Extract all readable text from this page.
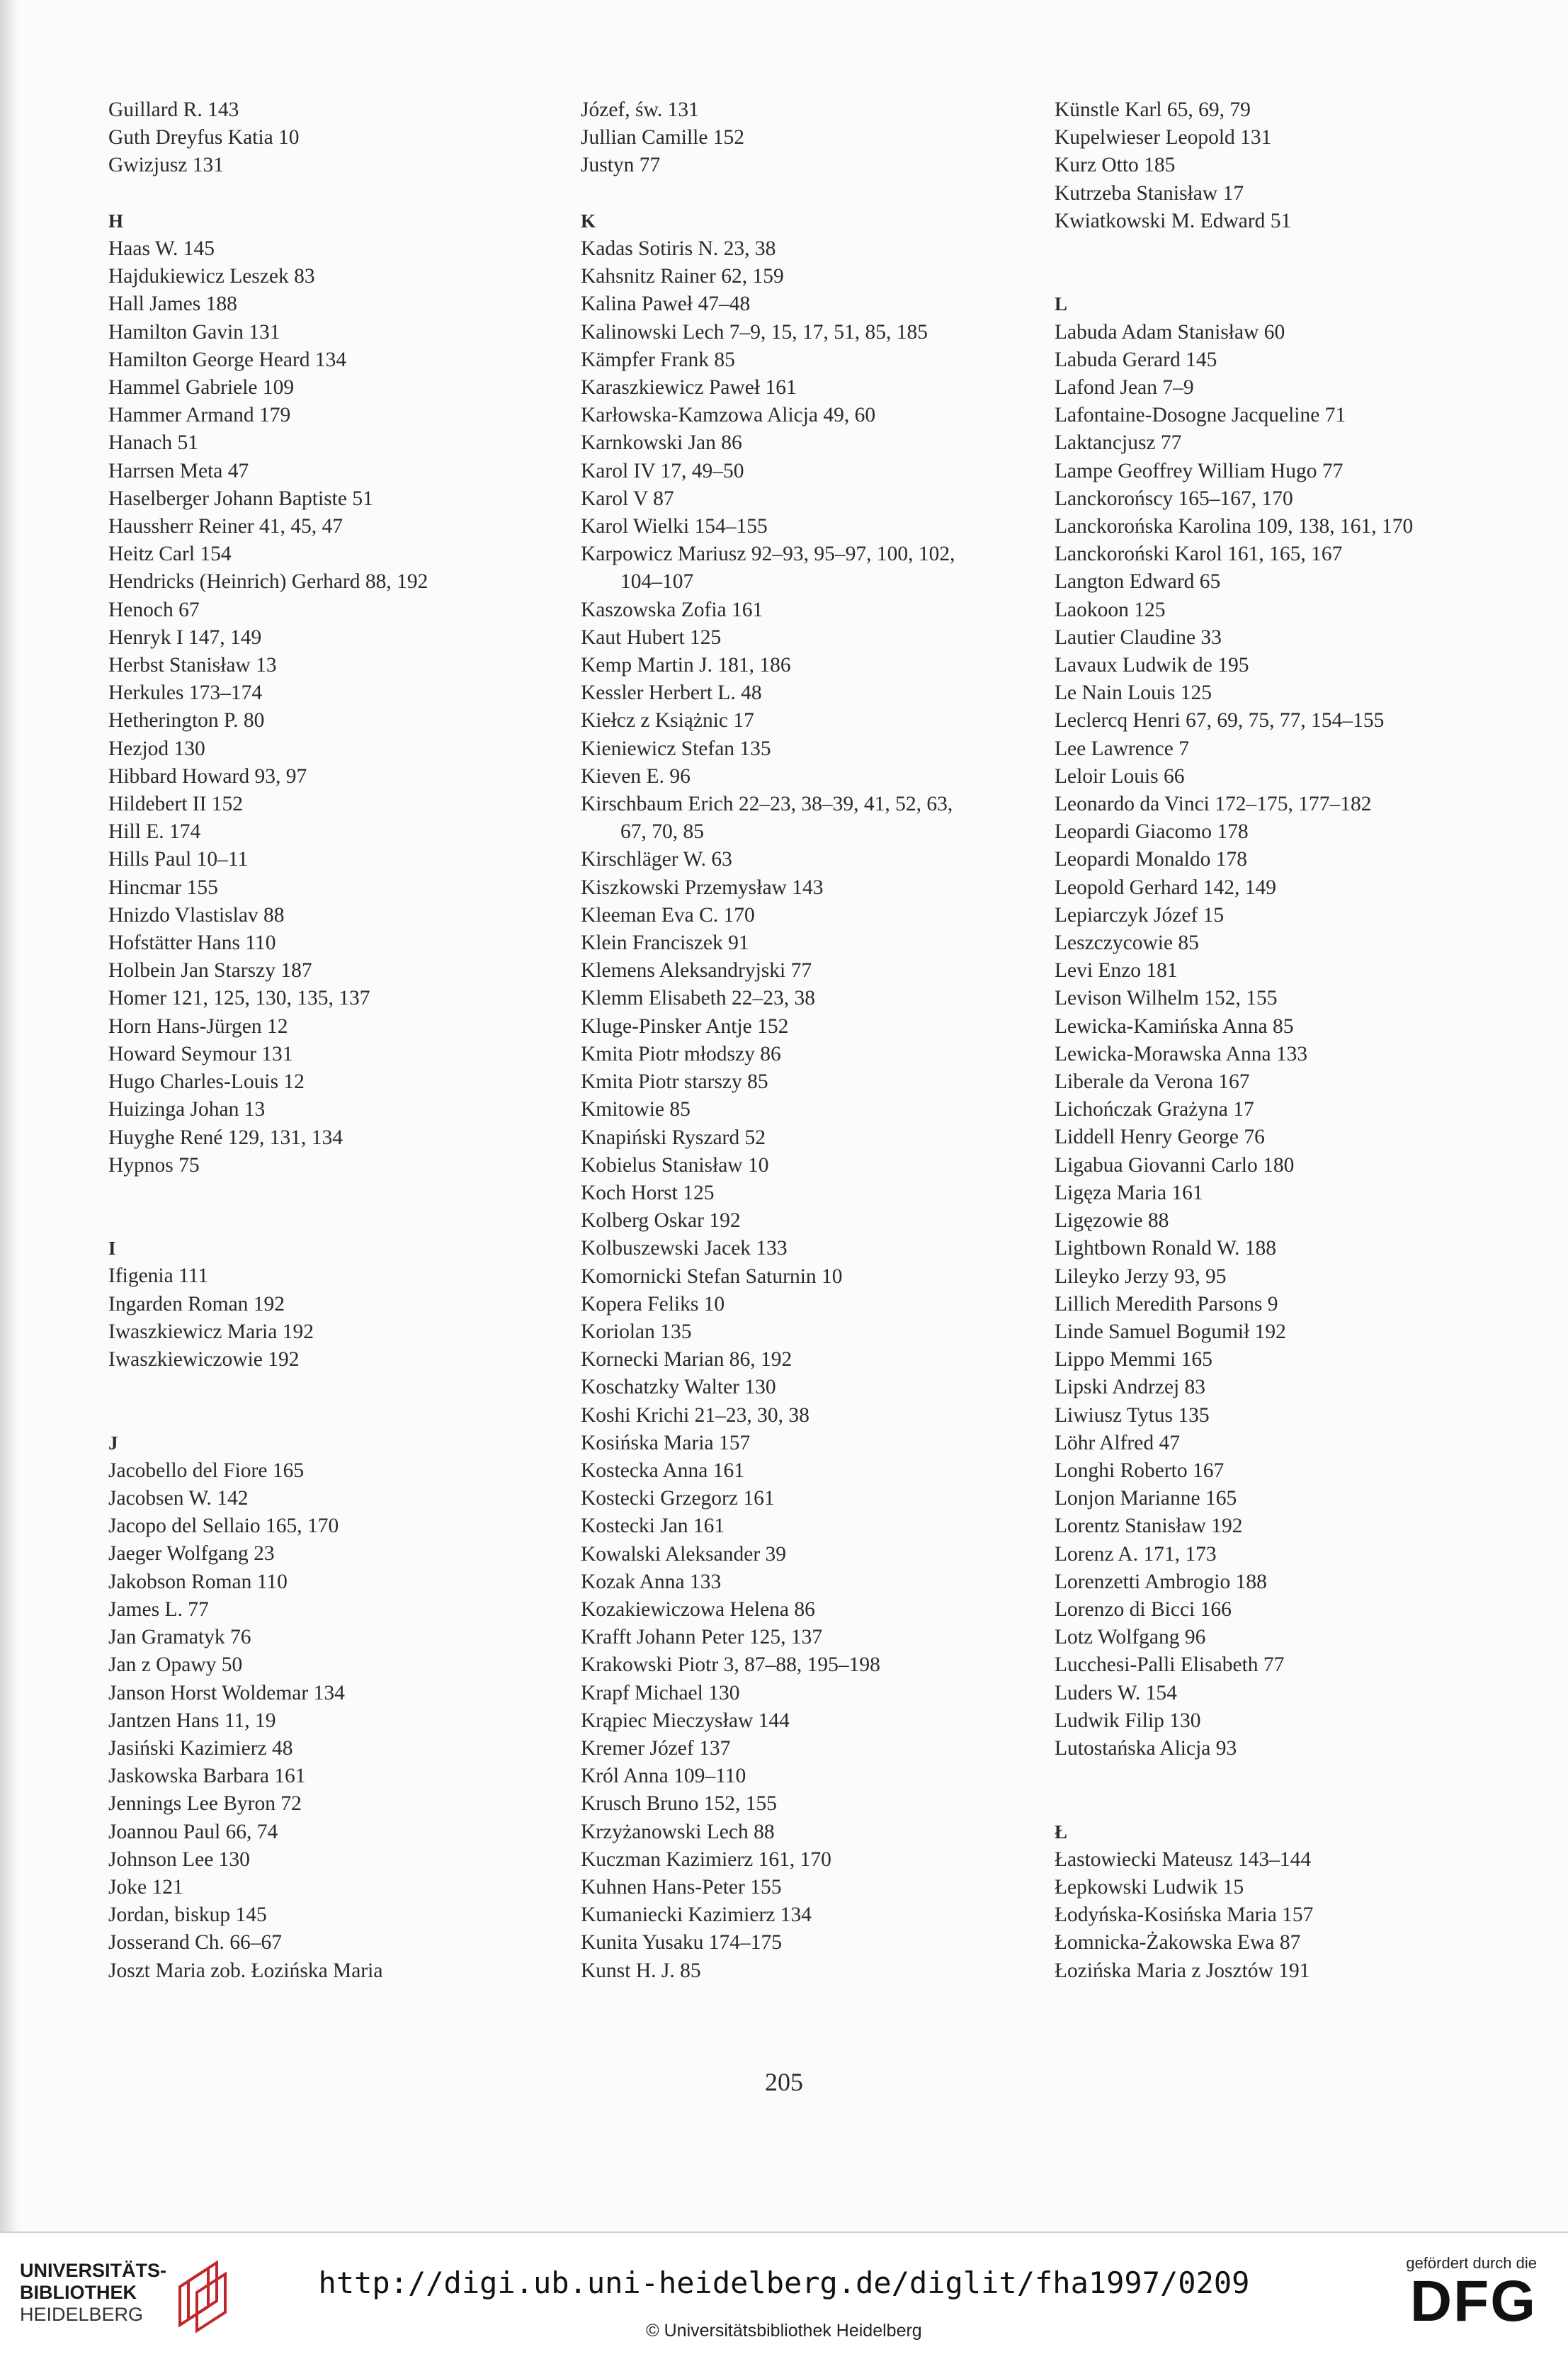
Guillard R. 143
Guth Dreyfus Katia 10
Gwizjusz 131
H
Haas W. 145
Hajdukiewicz Leszek 83
Hall James 188
Hamilton Gavin 131
Hamilton George Heard 134
Hammel Gabriele 109
Hammer Armand 179
Hanach 51
Harrsen Meta 47
Haselberger Johann Baptiste 51
Haussherr Reiner 41, 45, 47
Heitz Carl 154
Hendricks (Heinrich) Gerhard 88, 192
Henoch 67
Henryk I 147, 149
Herbst Stanisław 13
Herkules 173–174
Hetherington P. 80
Hezjod 130
Hibbard Howard 93, 97
Hildebert II 152
Hill E. 174
Hills Paul 10–11
Hincmar 155
Hnizdo Vlastislav 88
Hofstätter Hans 110
Holbein Jan Starszy 187
Homer 121, 125, 130, 135, 137
Horn Hans-Jürgen 12
Howard Seymour 131
Hugo Charles-Louis 12
Huizinga Johan 13
Huyghe René 129, 131, 134
Hypnos 75
I
Ifigenia 111
Ingarden Roman 192
Iwaszkiewicz Maria 192
Iwaszkiewiczowie 192
J
Jacobello del Fiore 165
Jacobsen W. 142
Jacopo del Sellaio 165, 170
Jaeger Wolfgang 23
Jakobson Roman 110
James L. 77
Jan Gramatyk 76
Jan z Opawy 50
Janson Horst Woldemar 134
Jantzen Hans 11, 19
Jasiński Kazimierz 48
Jaskowska Barbara 161
Jennings Lee Byron 72
Joannou Paul 66, 74
Johnson Lee 130
Joke 121
Jordan, biskup 145
Josserand Ch. 66–67
Joszt Maria zob. Łozińska Maria
Józef, św. 131
Jullian Camille 152
Justyn 77
K
Kadas Sotiris N. 23, 38
Kahsnitz Rainer 62, 159
Kalina Paweł 47–48
Kalinowski Lech 7–9, 15, 17, 51, 85, 185
Kämpfer Frank 85
Karaszkiewicz Paweł 161
Karłowska-Kamzowa Alicja 49, 60
Karnkowski Jan 86
Karol IV 17, 49–50
Karol V 87
Karol Wielki 154–155
Karpowicz Mariusz 92–93, 95–97, 100, 102,
104–107
Kaszowska Zofia 161
Kaut Hubert 125
Kemp Martin J. 181, 186
Kessler Herbert L. 48
Kiełcz z Książnic 17
Kieniewicz Stefan 135
Kieven E. 96
Kirschbaum Erich 22–23, 38–39, 41, 52, 63,
67, 70, 85
Kirschläger W. 63
Kiszkowski Przemysław 143
Kleeman Eva C. 170
Klein Franciszek 91
Klemens Aleksandryjski 77
Klemm Elisabeth 22–23, 38
Kluge-Pinsker Antje 152
Kmita Piotr młodszy 86
Kmita Piotr starszy 85
Kmitowie 85
Knapiński Ryszard 52
Kobielus Stanisław 10
Koch Horst 125
Kolberg Oskar 192
Kolbuszewski Jacek 133
Komornicki Stefan Saturnin 10
Kopera Feliks 10
Koriolan 135
Kornecki Marian 86, 192
Koschatzky Walter 130
Koshi Krichi 21–23, 30, 38
Kosińska Maria 157
Kostecka Anna 161
Kostecki Grzegorz 161
Kostecki Jan 161
Kowalski Aleksander 39
Kozak Anna 133
Kozakiewiczowa Helena 86
Krafft Johann Peter 125, 137
Krakowski Piotr 3, 87–88, 195–198
Krapf Michael 130
Krąpiec Mieczysław 144
Kremer Józef 137
Król Anna 109–110
Krusch Bruno 152, 155
Krzyżanowski Lech 88
Kuczman Kazimierz 161, 170
Kuhnen Hans-Peter 155
Kumaniecki Kazimierz 134
Kunita Yusaku 174–175
Kunst H. J. 85
Künstle Karl 65, 69, 79
Kupelwieser Leopold 131
Kurz Otto 185
Kutrzeba Stanisław 17
Kwiatkowski M. Edward 51
L
Labuda Adam Stanisław 60
Labuda Gerard 145
Lafond Jean 7–9
Lafontaine-Dosogne Jacqueline 71
Laktancjusz 77
Lampe Geoffrey William Hugo 77
Lanckorońscy 165–167, 170
Lanckorońska Karolina 109, 138, 161, 170
Lanckoroński Karol 161, 165, 167
Langton Edward 65
Laokoon 125
Lautier Claudine 33
Lavaux Ludwik de 195
Le Nain Louis 125
Leclercq Henri 67, 69, 75, 77, 154–155
Lee Lawrence 7
Leloir Louis 66
Leonardo da Vinci 172–175, 177–182
Leopardi Giacomo 178
Leopardi Monaldo 178
Leopold Gerhard 142, 149
Lepiarczyk Józef 15
Leszczycowie 85
Levi Enzo 181
Levison Wilhelm 152, 155
Lewicka-Kamińska Anna 85
Lewicka-Morawska Anna 133
Liberale da Verona 167
Lichończak Grażyna 17
Liddell Henry George 76
Ligabua Giovanni Carlo 180
Ligęza Maria 161
Ligęzowie 88
Lightbown Ronald W. 188
Lileyko Jerzy 93, 95
Lillich Meredith Parsons 9
Linde Samuel Bogumił 192
Lippo Memmi 165
Lipski Andrzej 83
Liwiusz Tytus 135
Löhr Alfred 47
Longhi Roberto 167
Lonjon Marianne 165
Lorentz Stanisław 192
Lorenz A. 171, 173
Lorenzetti Ambrogio 188
Lorenzo di Bicci 166
Lotz Wolfgang 96
Lucchesi-Palli Elisabeth 77
Luders W. 154
Ludwik Filip 130
Lutostańska Alicja 93
Ł
Łastowiecki Mateusz 143–144
Łepkowski Ludwik 15
Łodyńska-Kosińska Maria 157
Łomnicka-Żakowska Ewa 87
Łozińska Maria z Josztów 191
205
UNIVERSITÄTS-
BIBLIOTHEK
HEIDELBERG
http://digi.ub.uni-heidelberg.de/diglit/fha1997/0209
© Universitätsbibliothek Heidelberg
gefördert durch die
DFG
